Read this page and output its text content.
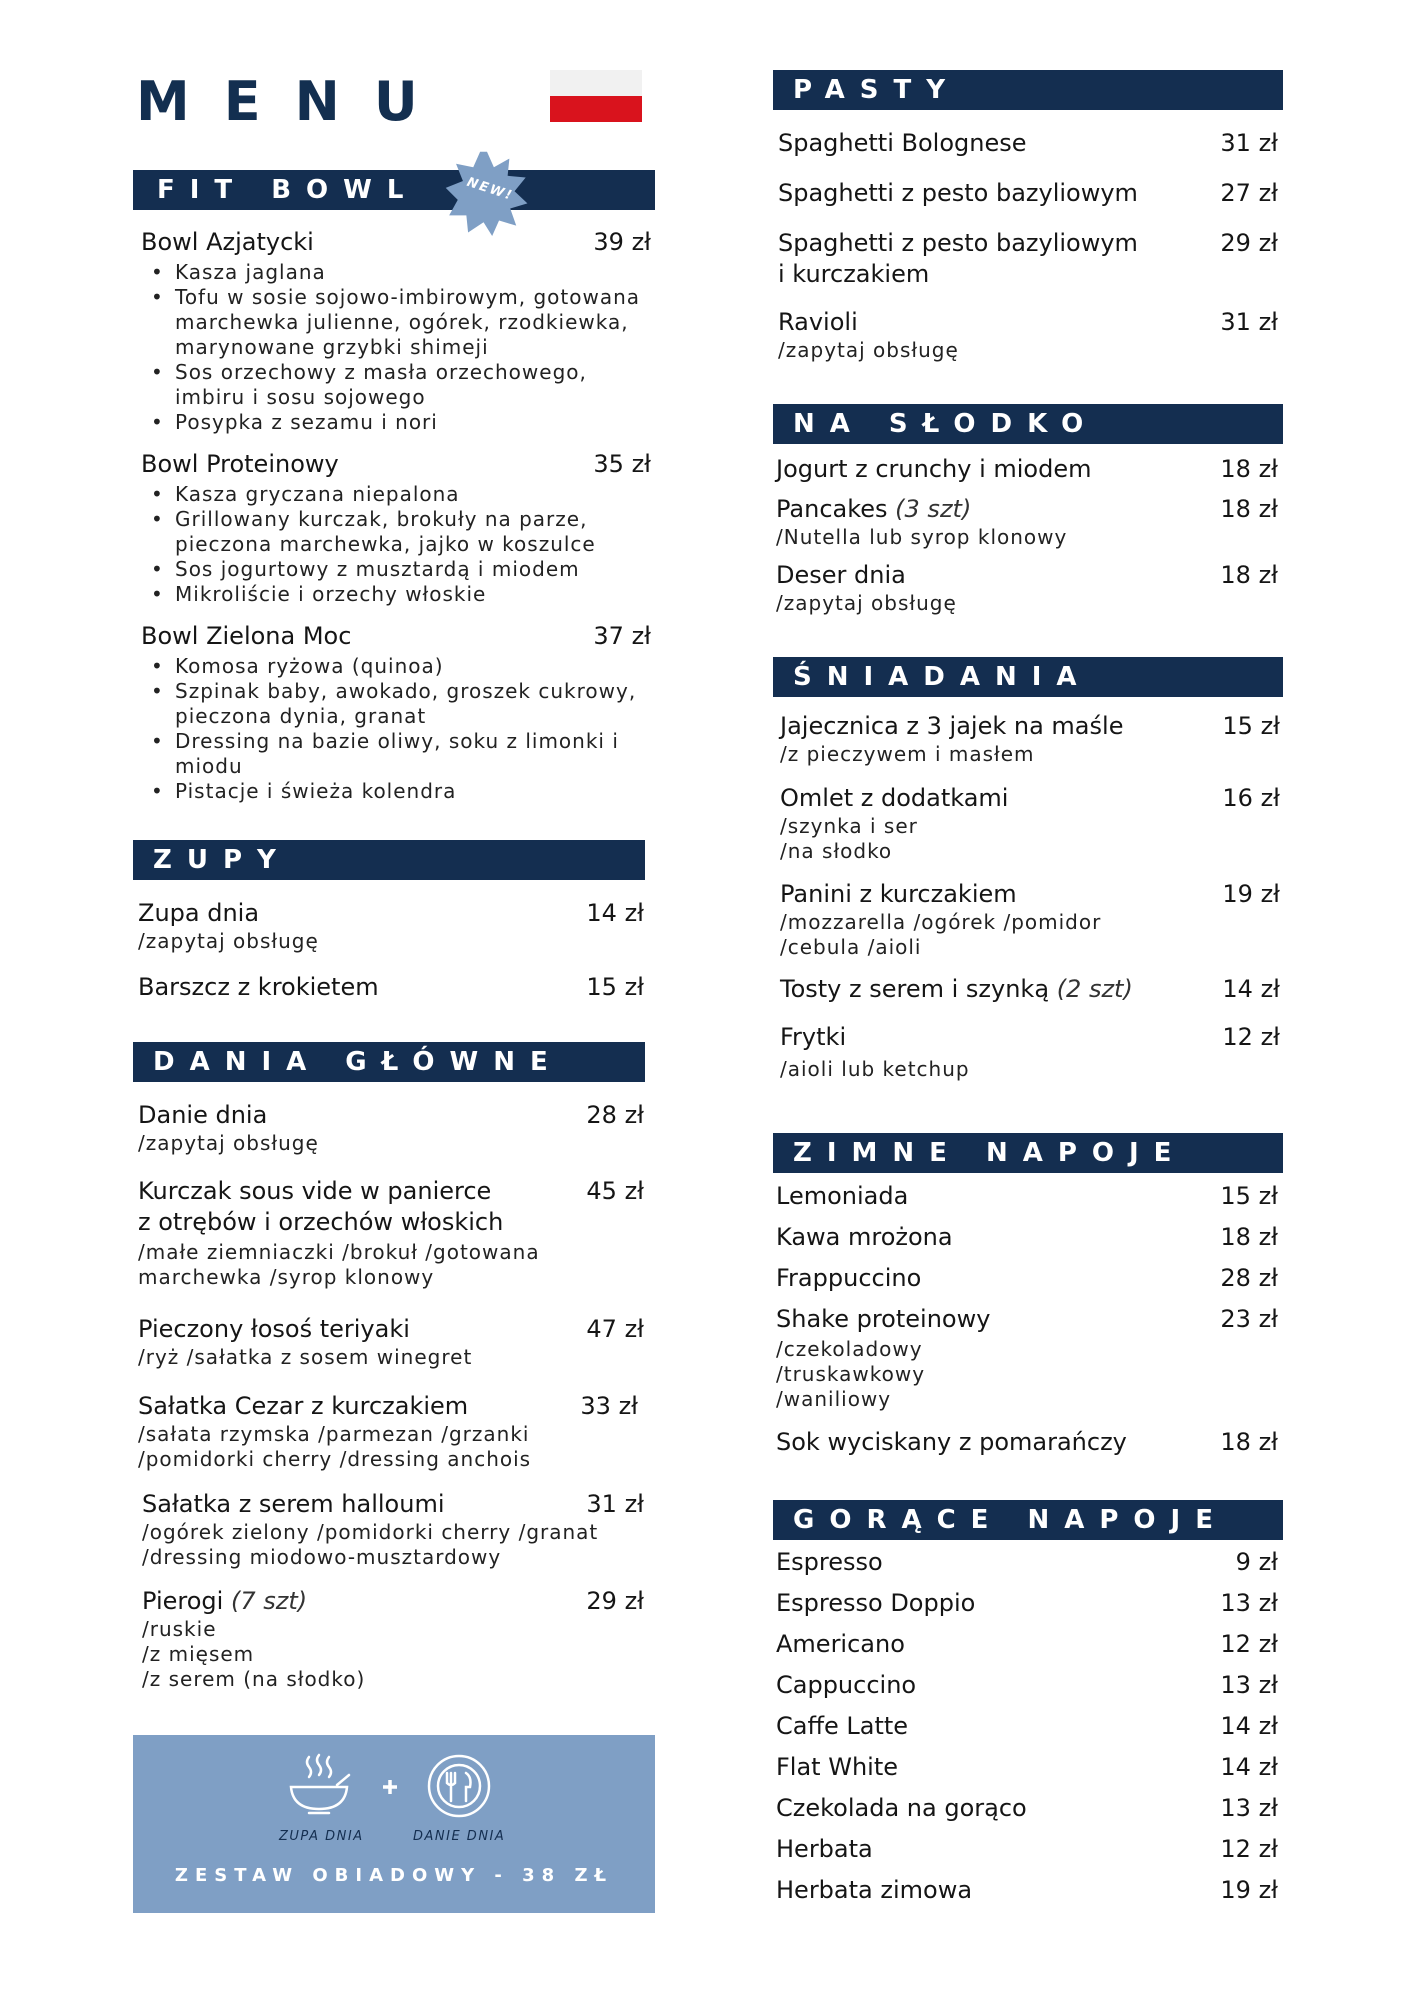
MENU
FIT BOWL	NEW!
Bowl Azjatycki	39 zł
• Kasza jaglana
• Tofu w sosie sojowo-imbirowym, gotowana marchewka julienne, ogórek, rzodkiewka, marynowane grzybki shimeji
• Sos orzechowy z masła orzechowego, imbiru i sosu sojowego
• Posypka z sezamu i nori
Bowl Proteinowy	35 zł
• Kasza gryczana niepalona
• Grillowany kurczak, brokuły na parze, pieczona marchewka, jajko w koszulce
• Sos jogurtowy z musztardą i miodem
• Mikroliście i orzechy włoskie
Bowl Zielona Moc	37 zł
• Komosa ryżowa (quinoa)
• Szpinak baby, awokado, groszek cukrowy, pieczona dynia, granat
• Dressing na bazie oliwy, soku z limonki i miodu
• Pistacje i świeża kolendra
ZUPY
Zupa dnia	14 zł
/zapytaj obsługę
Barszcz z krokietem	15 zł
DANIA GŁÓWNE
Danie dnia	28 zł
/zapytaj obsługę
Kurczak sous vide w panierce	45 zł
z otrębów i orzechów włoskich
/małe ziemniaczki /brokuł /gotowana
marchewka /syrop klonowy
Pieczony łosoś teriyaki	47 zł
/ryż /sałatka z sosem winegret
Sałatka Cezar z kurczakiem	33 zł
/sałata rzymska /parmezan /grzanki
/pomidorki cherry /dressing anchois
Sałatka z serem halloumi	31 zł
/ogórek zielony /pomidorki cherry /granat
/dressing miodowo-musztardowy
Pierogi (7 szt)	29 zł
/ruskie
/z mięsem
/z serem (na słodko)
ZUPA DNIA	DANIE DNIA
ZESTAW OBIADOWY - 38 ZŁ
PASTY
Spaghetti Bolognese	31 zł
Spaghetti z pesto bazyliowym	27 zł
Spaghetti z pesto bazyliowym	29 zł
i kurczakiem
Ravioli	31 zł
/zapytaj obsługę
NA SŁODKO
Jogurt z crunchy i miodem	18 zł
Pancakes (3 szt)	18 zł
/Nutella lub syrop klonowy
Deser dnia	18 zł
/zapytaj obsługę
ŚNIADANIA
Jajecznica z 3 jajek na maśle	15 zł
/z pieczywem i masłem
Omlet z dodatkami	16 zł
/szynka i ser
/na słodko
Panini z kurczakiem	19 zł
/mozzarella /ogórek /pomidor
/cebula /aioli
Tosty z serem i szynką (2 szt)	14 zł
Frytki	12 zł
/aioli lub ketchup
ZIMNE NAPOJE
Lemoniada	15 zł
Kawa mrożona	18 zł
Frappuccino	28 zł
Shake proteinowy	23 zł
/czekoladowy
/truskawkowy
/waniliowy
Sok wyciskany z pomarańczy	18 zł
GORĄCE NAPOJE
Espresso	9 zł
Espresso Doppio	13 zł
Americano	12 zł
Cappuccino	13 zł
Caffe Latte	14 zł
Flat White	14 zł
Czekolada na gorąco	13 zł
Herbata	12 zł
Herbata zimowa	19 zł
